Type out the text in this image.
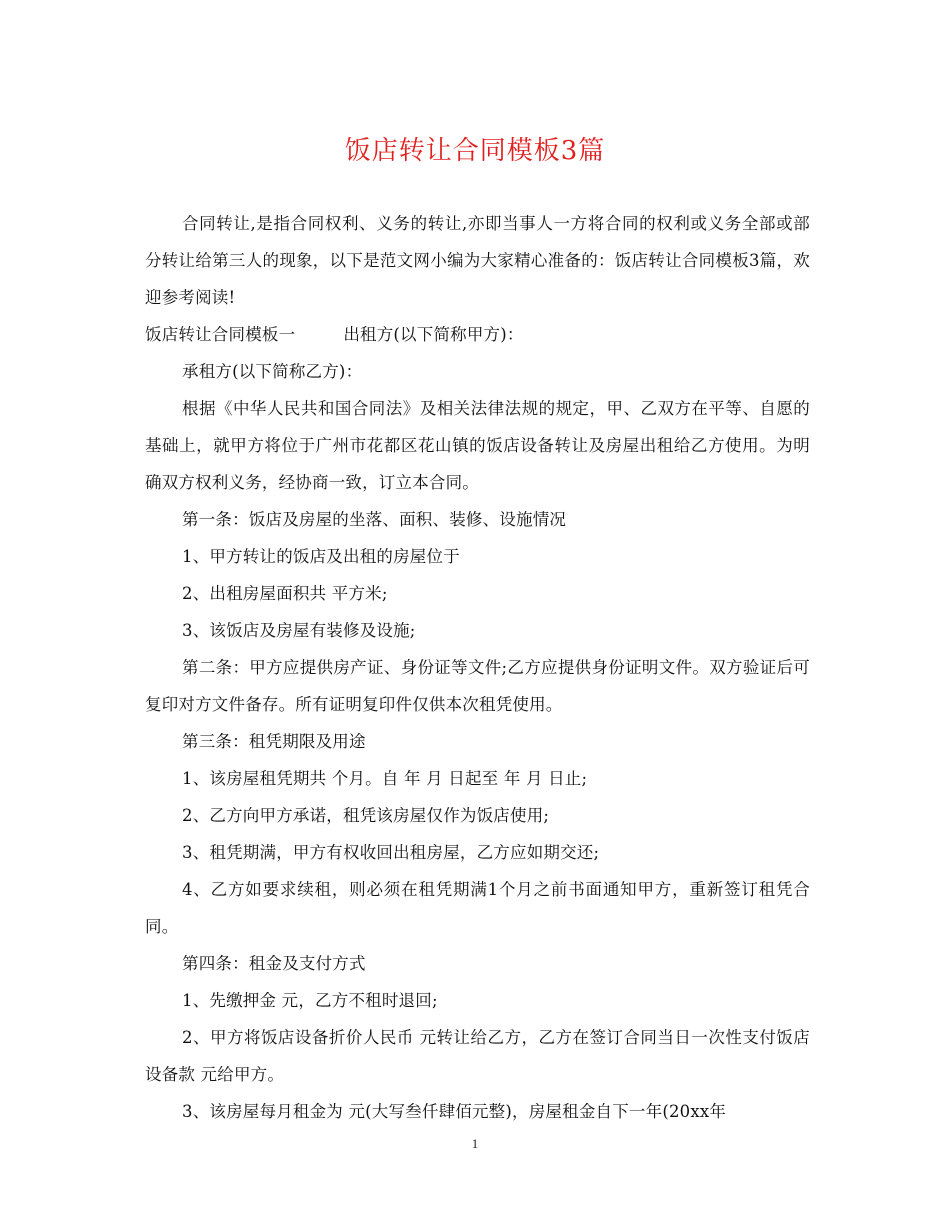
饭店转让合同模板3篇

合同转让,是指合同权利、义务的转让,亦即当事人一方将合同的权利或义务全部或部分转让给第三人的现象，以下是范文网小编为大家精心准备的：饭店转让合同模板3篇，欢迎参考阅读!

饭店转让合同模板一	出租方(以下简称甲方)：

承租方(以下简称乙方)：

根据《中华人民共和国合同法》及相关法律法规的规定，甲、乙双方在平等、自愿的基础上，就甲方将位于广州市花都区花山镇的饭店设备转让及房屋出租给乙方使用。为明确双方权利义务，经协商一致，订立本合同。

第一条：饭店及房屋的坐落、面积、装修、设施情况

1、甲方转让的饭店及出租的房屋位于

2、出租房屋面积共 平方米;

3、该饭店及房屋有装修及设施;

第二条：甲方应提供房产证、身份证等文件;乙方应提供身份证明文件。双方验证后可复印对方文件备存。所有证明复印件仅供本次租凭使用。

第三条：租凭期限及用途

1、该房屋租凭期共 个月。自 年 月 日起至 年 月 日止;

2、乙方向甲方承诺，租凭该房屋仅作为饭店使用;

3、租凭期满，甲方有权收回出租房屋，乙方应如期交还;

4、乙方如要求续租，则必须在租凭期满1个月之前书面通知甲方，重新签订租凭合同。

第四条：租金及支付方式

1、先缴押金 元，乙方不租时退回;

2、甲方将饭店设备折价人民币 元转让给乙方，乙方在签订合同当日一次性支付饭店设备款 元给甲方。

3、该房屋每月租金为 元(大写叁仟肆佰元整)，房屋租金自下一年(20xx年

1
